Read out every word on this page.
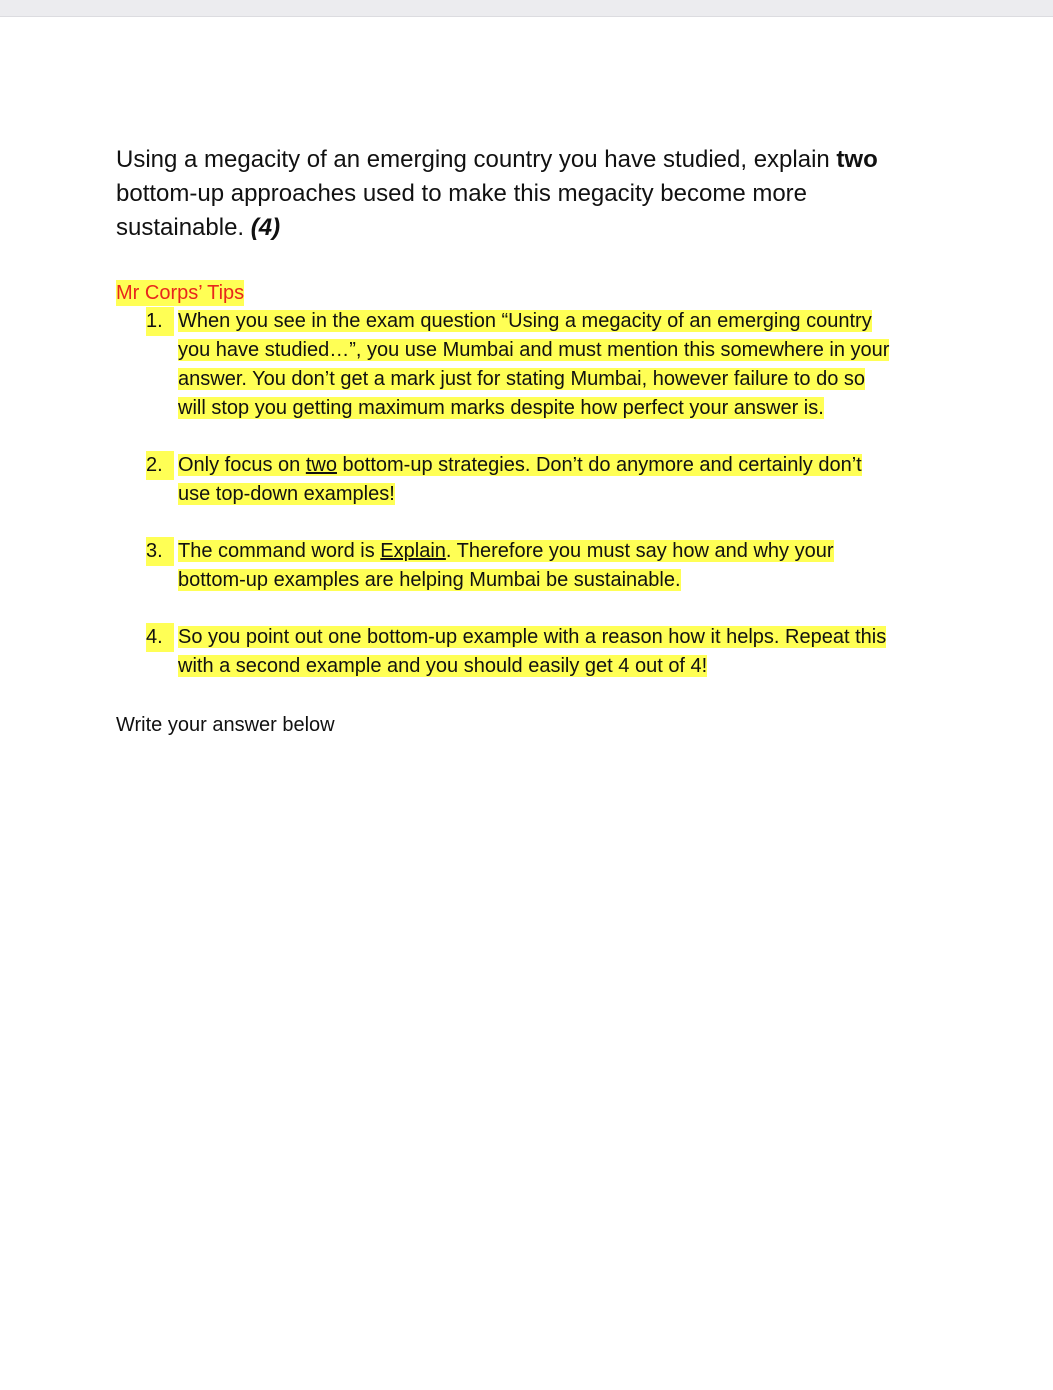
Using a megacity of an emerging country you have studied, explain two
bottom-up approaches used to make this megacity become more sustainable. (4)
Mr Corps’ Tips
1. When you see in the exam question “Using a megacity of an emerging country
you have studied…”, you use Mumbai and must mention this somewhere in your
answer. You don’t get a mark just for stating Mumbai, however failure to do so
will stop you getting maximum marks despite how perfect your answer is.
2. Only focus on two bottom-up strategies. Don’t do anymore and certainly don’t
use top-down examples!
3. The command word is Explain. Therefore you must say how and why your
bottom-up examples are helping Mumbai be sustainable.
4. So you point out one bottom-up example with a reason how it helps. Repeat this
with a second example and you should easily get 4 out of 4!
Write your answer below
